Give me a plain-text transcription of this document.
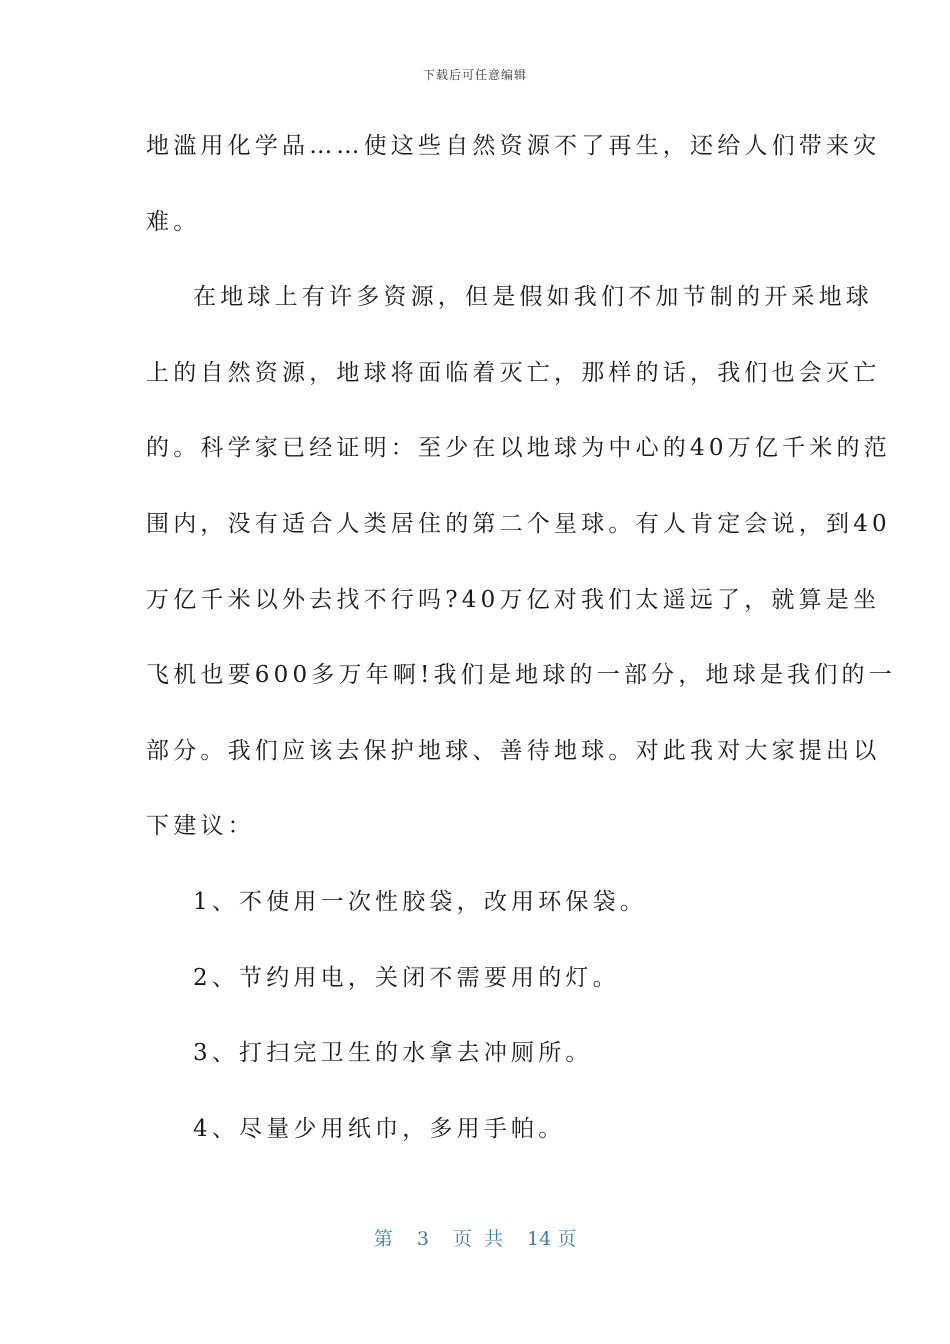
下载后可任意编辑
地滥用化学品……使这些自然资源不了再生，还给人们带来灾
难。
在地球上有许多资源，但是假如我们不加节制的开采地球
上的自然资源，地球将面临着灭亡，那样的话，我们也会灭亡
的。科学家已经证明：至少在以地球为中心的40万亿千米的范
围内，没有适合人类居住的第二个星球。有人肯定会说，到40
万亿千米以外去找不行吗?40万亿对我们太遥远了，就算是坐
飞机也要600多万年啊!我们是地球的一部分，地球是我们的一
部分。我们应该去保护地球、善待地球。对此我对大家提出以
下建议：
1、不使用一次性胶袋，改用环保袋。
2、节约用电，关闭不需要用的灯。
3、打扫完卫生的水拿去冲厕所。
4、尽量少用纸巾，多用手帕。
第 3 页 共 14 页
